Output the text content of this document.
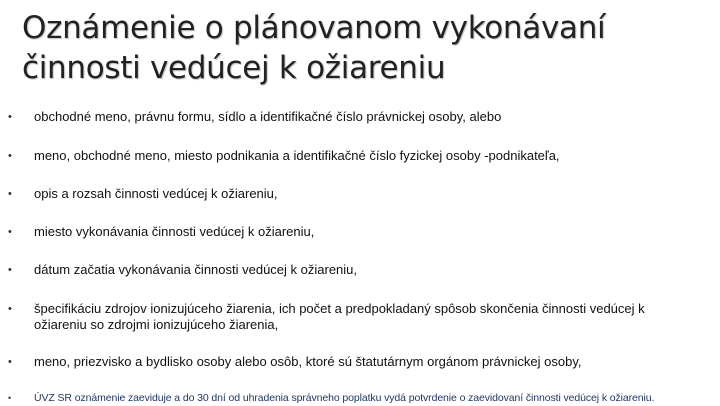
Oznámenie o plánovanom vykonávaní
činnosti vedúcej k ožiareniu
• obchodné meno, právnu formu, sídlo a identifikačné číslo právnickej osoby, alebo
• meno, obchodné meno, miesto podnikania a identifikačné číslo fyzickej osoby -podnikateľa,
• opis a rozsah činnosti vedúcej k ožiareniu,
• miesto vykonávania činnosti vedúcej k ožiareniu,
• dátum začatia vykonávania činnosti vedúcej k ožiareniu,
• špecifikáciu zdrojov ionizujúceho žiarenia, ich počet a predpokladaný spôsob skončenia činnosti vedúcej k ožiareniu so zdrojmi ionizujúceho žiarenia,
• meno, priezvisko a bydlisko osoby alebo osôb, ktoré sú štatutárnym orgánom právnickej osoby,
• ÚVZ SR oznámenie zaeviduje a do 30 dní od uhradenia správneho poplatku vydá potvrdenie o zaevidovaní činnosti vedúcej k ožiareniu.
